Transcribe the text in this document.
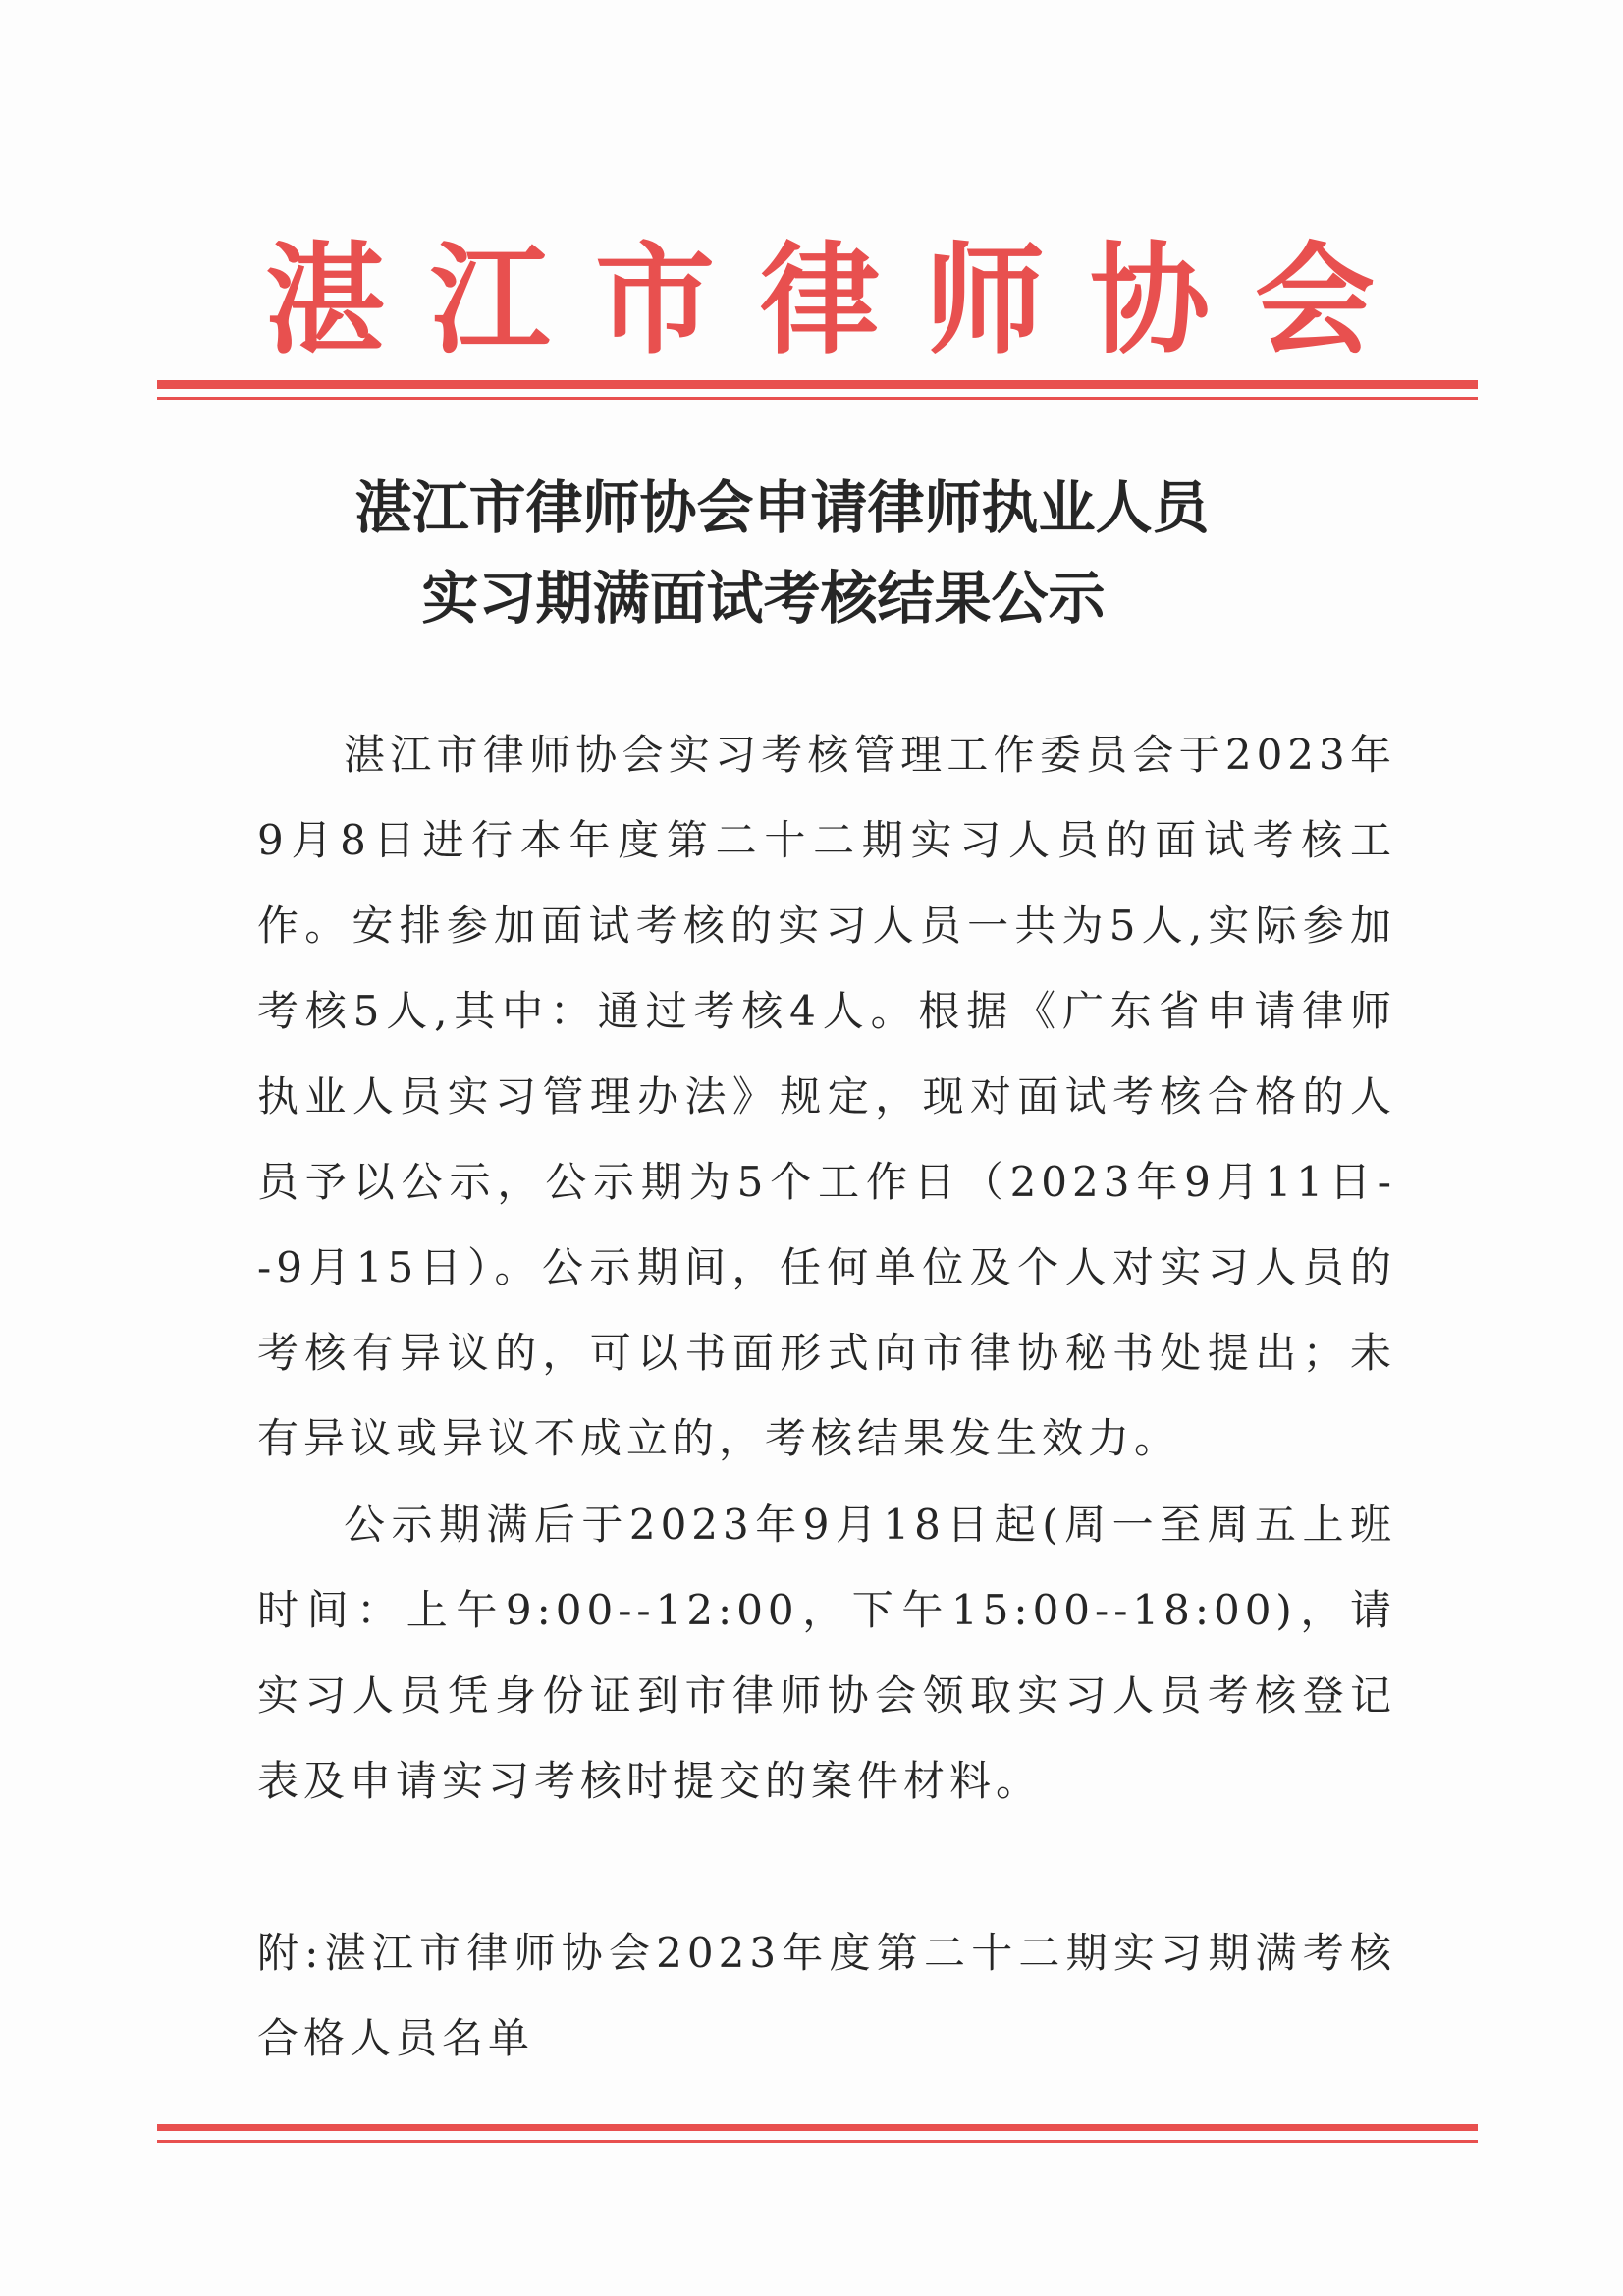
湛江市律师协会
湛江市律师协会申请律师执业人员
实习期满面试考核结果公示

湛江市律师协会实习考核管理工作委员会于2023年9月8日进行本年度第二十二期实习人员的面试考核工作。安排参加面试考核的实习人员一共为5人,实际参加考核5人,其中：通过考核4人。根据《广东省申请律师执业人员实习管理办法》规定，现对面试考核合格的人员予以公示，公示期为5个工作日（2023年9月11日--9月15日）。公示期间，任何单位及个人对实习人员的考核有异议的，可以书面形式向市律协秘书处提出；未有异议或异议不成立的，考核结果发生效力。

公示期满后于2023年9月18日起(周一至周五上班时间：上午9:00--12:00，下午15:00--18:00)，请实习人员凭身份证到市律师协会领取实习人员考核登记表及申请实习考核时提交的案件材料。

附:湛江市律师协会2023年度第二十二期实习期满考核合格人员名单
